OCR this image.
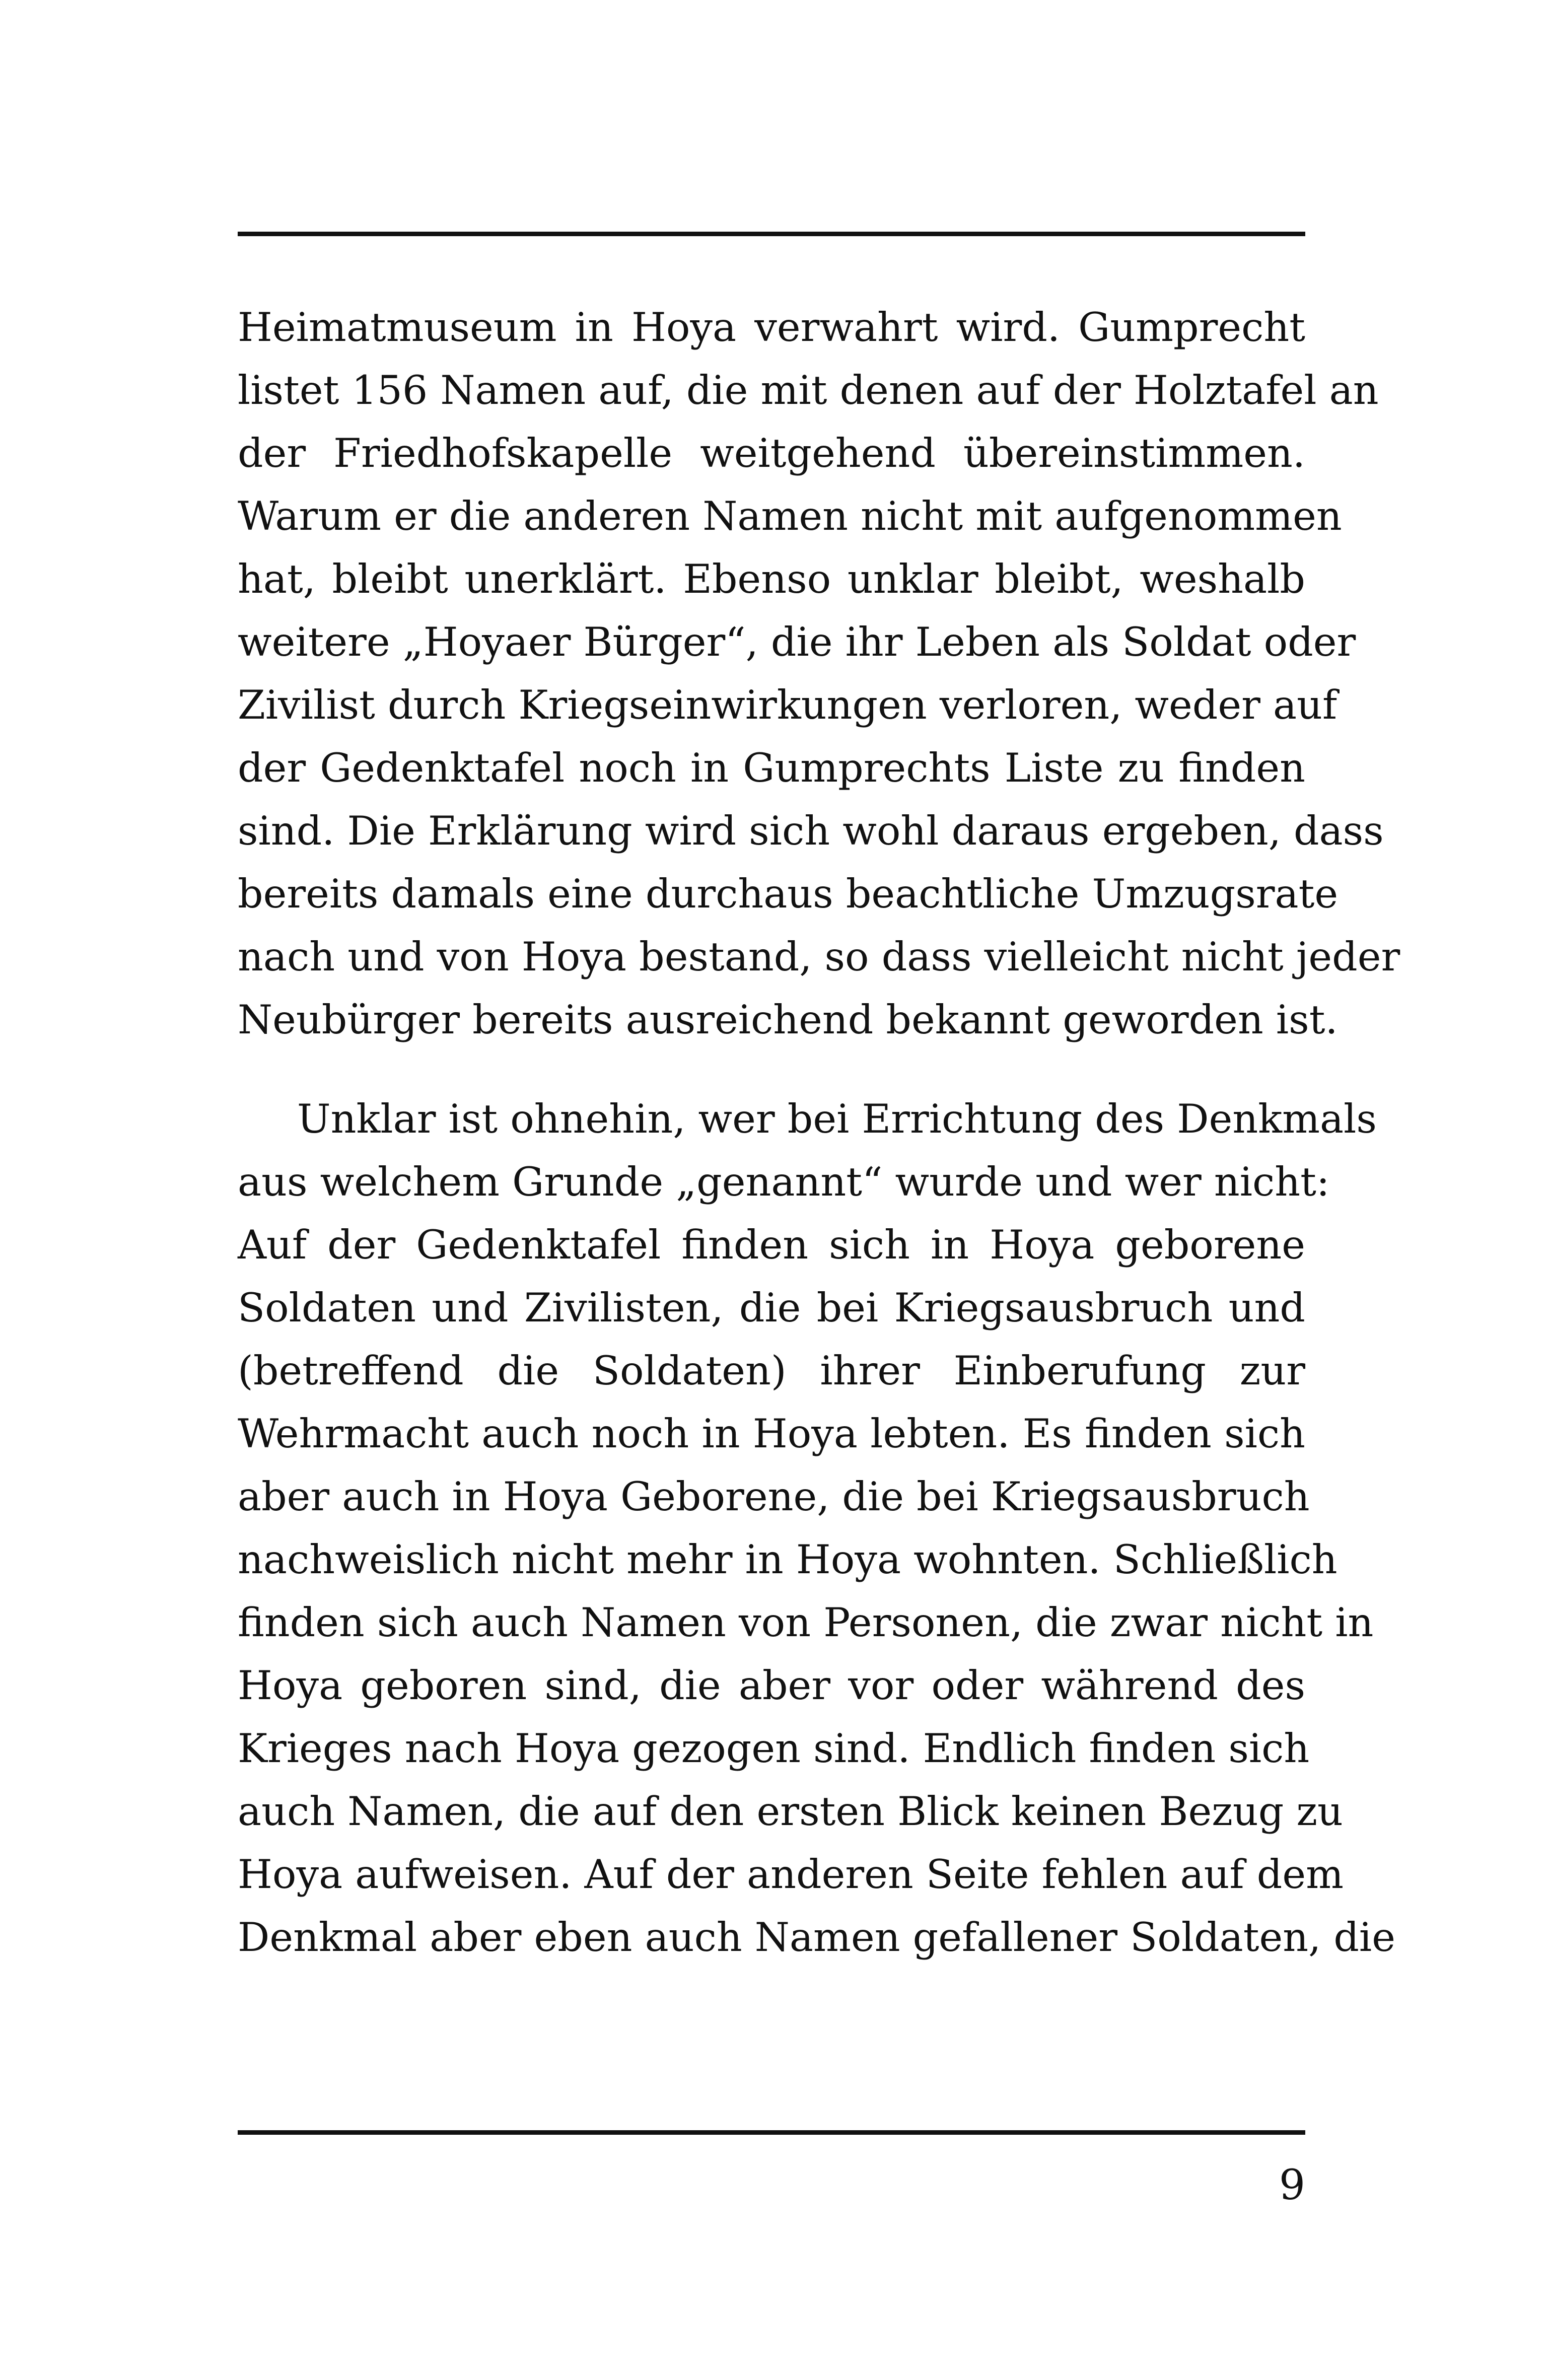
Heimatmuseum in Hoya verwahrt wird. Gumprecht
listet 156 Namen auf, die mit denen auf der Holztafel an
der Friedhofskapelle weitgehend übereinstimmen.
Warum er die anderen Namen nicht mit aufgenommen
hat, bleibt unerklärt. Ebenso unklar bleibt, weshalb
weitere „Hoyaer Bürger“, die ihr Leben als Soldat oder
Zivilist durch Kriegseinwirkungen verloren, weder auf
der Gedenktafel noch in Gumprechts Liste zu finden
sind. Die Erklärung wird sich wohl daraus ergeben, dass
bereits damals eine durchaus beachtliche Umzugsrate
nach und von Hoya bestand, so dass vielleicht nicht jeder
Neubürger bereits ausreichend bekannt geworden ist.
Unklar ist ohnehin, wer bei Errichtung des Denkmals
aus welchem Grunde „genannt“ wurde und wer nicht:
Auf der Gedenktafel finden sich in Hoya geborene
Soldaten und Zivilisten, die bei Kriegsausbruch und
(betreffend die Soldaten) ihrer Einberufung zur
Wehrmacht auch noch in Hoya lebten. Es finden sich
aber auch in Hoya Geborene, die bei Kriegsausbruch
nachweislich nicht mehr in Hoya wohnten. Schließlich
finden sich auch Namen von Personen, die zwar nicht in
Hoya geboren sind, die aber vor oder während des
Krieges nach Hoya gezogen sind. Endlich finden sich
auch Namen, die auf den ersten Blick keinen Bezug zu
Hoya aufweisen. Auf der anderen Seite fehlen auf dem
Denkmal aber eben auch Namen gefallener Soldaten, die
9
